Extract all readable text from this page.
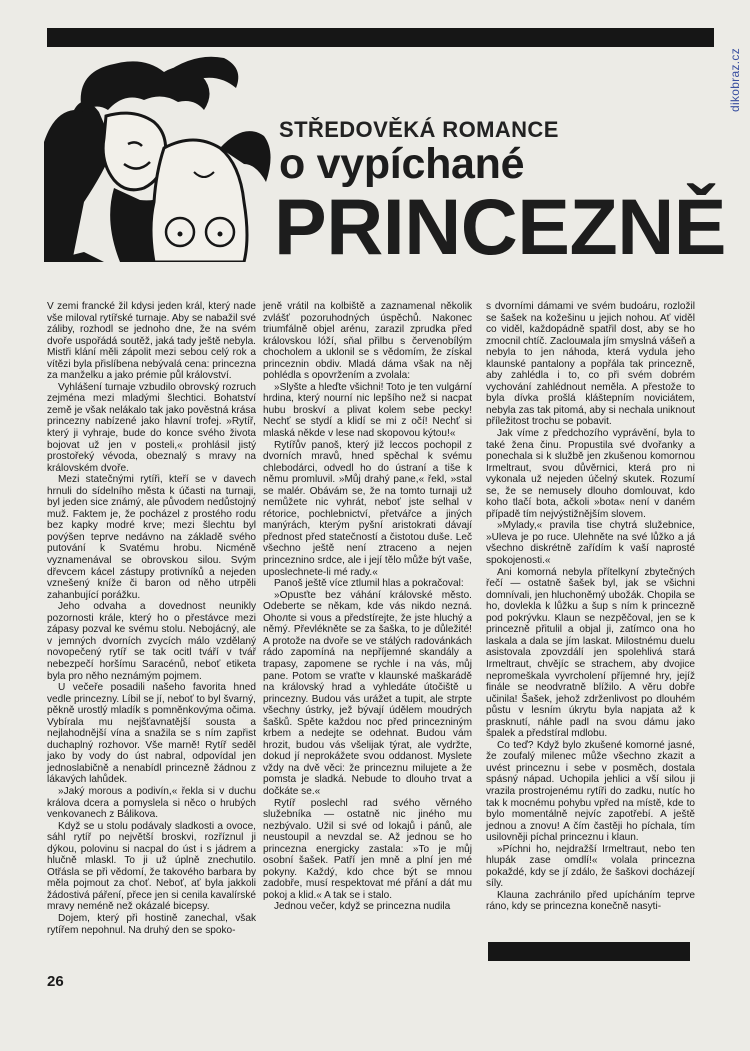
dikobraz.cz
STŘEDOVĚKÁ ROMANCE
o vypíchané
PRINCEZNĚ

V zemi francké žil kdysi jeden král, který nade vše miloval rytířské turnaje. Aby se nabažil své záliby, rozhodl se jednoho dne, že na svém dvoře uspořádá soutěž, jaká tady ještě nebyla. Mistři klání měli zápolit mezi sebou celý rok a vítězi byla přislíbena nebývalá cena: princezna za manželku a jako prémie půl království.

Vyhlášení turnaje vzbudilo obrovský rozruch zejména mezi mladými šlechtici. Bohatství země je však nelákalo tak jako pověstná krása princezny nabízené jako hlavní trofej. »Rytíř, který ji vyhraje, bude do konce svého života bojovat už jen v posteli,« prohlásil jistý prostořeký vévoda, obeznalý s mravy na královském dvoře.

Mezi statečnými rytíři, kteří se v davech hrnuli do sídelního města k účasti na turnaji, byl jeden sice známý, ale původem nedůstojný muž. Faktem je, že pocházel z prostého rodu bez kapky modré krve; mezi šlechtu byl povýšen teprve nedávno na základě svého putování k Svatému hrobu. Nicméně vyznamenával se obrovskou silou. Svým dřevcem kácel zástupy protivníků a nejeden vznešený kníže či baron od něho utrpěli zahanbující porážku.

Jeho odvaha a dovednost neunikly pozornosti krále, který ho o přestávce mezi zápasy pozval ke svému stolu. Nebojácný, ale v jemných dvorních zvycích málo vzdělaný novopečený rytíř se tak ocitl tváří v tvář nebezpečí horšímu Saracénů, neboť etiketa byla pro něho neznámým pojmem.

U večeře posadili našeho favorita hned vedle princezny. Líbil se jí, neboť to byl švarný, pěkně urostlý mladík s pomněnkovýma očima. Vybírala mu nejšťavnatější sousta a nejlahodnější vína a snažila se s ním zapřist duchaplný rozhovor. Vše marně! Rytíř seděl jako by vody do úst nabral, odpovídal jen jednoslabičně a nenabídl princezně žádnou z lákavých lahůdek.

»Jaký morous a podivín,« řekla si v duchu králova dcera a pomyslela si něco o hrubých venkovanech z Bálikova.

Když se u stolu podávaly sladkosti a ovoce, sáhl rytíř po největší broskvi, rozříznul ji dýkou, polovinu si nacpal do úst i s jádrem a hlučně mlaskl. To ji už úplně znechutilo. Otřásla se při vědomí, že takového barbara by měla pojmout za choť. Neboť, ať byla jakkoli žádostivá páření, přece jen si cenila kavalírské mravy neméně než okázalé bicepsy.

Dojem, který při hostině zanechal, však rytířem nepohnul. Na druhý den se spoko-

jeně vrátil na kolbiště a zaznamenal několik zvlášť pozoruhodných úspěchů. Nakonec triumfálně objel arénu, zarazil zprudka před královskou lóží, sňal přilbu s červenobílým chocholem a uklonil se s vědomím, že získal princeznin obdiv. Mladá dáma však na něj pohlédla s opovržením a zvolala:

»Slyšte a hleďte všichni! Toto je ten vulgární hrdina, který nourní nic lepšího než si nacpat hubu broskví a plivat kolem sebe pecky! Nechť se stydí a klidí se mi z očí! Nechť si mlaská někde v lese nad skopovou kýtou!«

Rytířův panoš, který již leccos pochopil z dvorních mravů, hned spěchal k svému chlebodárci, odvedl ho do ústraní a tiše k němu promluvil. »Můj drahý pane,« řekl, »stal se malér. Obávám se, že na tomto turnaji už nemůžete nic vyhrát, neboť jste selhal v rétorice, pochlebnictví, přetvářce a jiných manýrách, kterým pyšní aristokrati dávají přednost před statečností a čistotou duše. Leč všechno ještě není ztraceno a nejen princeznino srdce, ale i její tělo může být vaše, uposlechnete-li mé rady.«

Panoš ještě více ztlumil hlas a pokračoval:

»Opusťte bez váhání královské město. Odeberte se někam, kde vás nikdo nezná. Ohoлte si vous a předstírejte, že jste hluchý a němý. Převlékněte se za šaška, to je důležité! A protože na dvoře se ve stálých radovánkách rádo zapomíná na nepříjemné skandály a trapasy, zapomene se rychle i na vás, můj pane. Potom se vraťte v klaunské maškarádě na královský hrad a vyhledáte útočiště u princezny. Budou vás urážet a tupit, ale strpte všechny ústrky, jež bývají údělem moudrých šašků. Spěte každou noc před princezniným krbem a nedejte se odehnat. Budou vám hrozit, budou vás všelijak týrat, ale vydržte, dokud jí neprokážete svou oddanost. Myslete vždy na dvě věci: že princeznu milujete a že pomsta je sladká. Nebude to dlouho trvat a dočkáte se.«

Rytíř poslechl rad svého věrného služebníka — ostatně nic jiného mu nezbývalo. Užil si své od lokajů i pánů, ale neustoupil a nevzdal se. Až jednou se ho princezna energicky zastala: »To je můj osobní šašek. Patří jen mně a plní jen mé pokyny. Každý, kdo chce být se mnou zadobře, musí respektovat mé přání a dát mu pokoj a klid.« A tak se i stalo.

Jednou večer, když se princezna nudila

s dvorními dámami ve svém budoáru, rozložil se šašek na kožešinu u jejich nohou. Ať viděl co viděl, každopádně spatřil dost, aby se ho zmocnil chtíč. Zaclouмala jím smyslná vášeň a nebyla to jen náhoda, která vydula jeho klaunské pantalony a popřála tak princezně, aby zahlédla i to, co při svém dobrém vychování zahlédnout neměla. A přestože to byla dívka prošlá kláštерním noviciátem, nebyla zas tak pitomá, aby si nechala uniknout příležitost trochu se pobavit.

Jak víme z předchozího vyprávění, byla to také žena činu. Propustila své dvořanky a ponechala si k službě jen zkušenou komornou Irmeltraut, svou důvěrnici, která pro ni vykonala už nejeden účelný skutek. Rozumí se, že se nemusely dlouho domlouvat, kdo koho tlačí bota, ačkoli »bota« není v daném případě tím nejvýstižnějším slovem.

»Mylady,« pravila tise chytrá služebnice, »Uleva je po ruce. Ulehněte na své lůžko a já všechno diskrétně zařídím k vaší naprosté spokojenosti.«

Ani komorná nebyla přítelkyní zbytečných řečí — ostatně šašek byl, jak se všichni domnívali, jen hluchoněmý ubožák. Chopila se ho, dovlekla k lůžku a šup s ním k princezně pod pokrývku. Klaun se nezpěčoval, jen se k princezně přitulil a objal ji, zatímco ona ho laskala a dala se jím laskat. Milostnému duelu asistovala zpovzdálí jen spolehlivá stará Irmeltraut, chvějíc se strachem, aby dvojice nepromeškala vyvrcholení příjemné hry, jejíž finále se neodvratně blížilo. A věru dobře učinila! Šašek, jehož zdrženlivost po dlouhém půstu v lesním úkrytu byla napjata až k prasknutí, náhle padl na svou dámu jako špalek a předstíral mdlobu.

Co teď? Když bylo zkušené komorné jasné, že zoufalý milenec může všechno zkazit a uvést princeznu i sebe v posměch, dostala spásný nápad. Uchopila jehlici a vší silou ji vrazila prostrojenému rytíři do zadku, nutíc ho tak k mocnému pohybu vpřed na místě, kde to bylo momentálně nejvíc zapotřebí. A ještě jednou a znovu! A čím častěji ho píchala, tím usilovněji píchal princeznu i klaun.

»Píchni ho, nejdražší Irmeltraut, nebo ten hlupák zase omdlí!« volala princezna pokaždé, kdy se jí zdálo, že šaškovi docházejí síly.

Klauna zachránilo před upícháním teprve ráno, kdy se princezna konečně nasyti-

26
